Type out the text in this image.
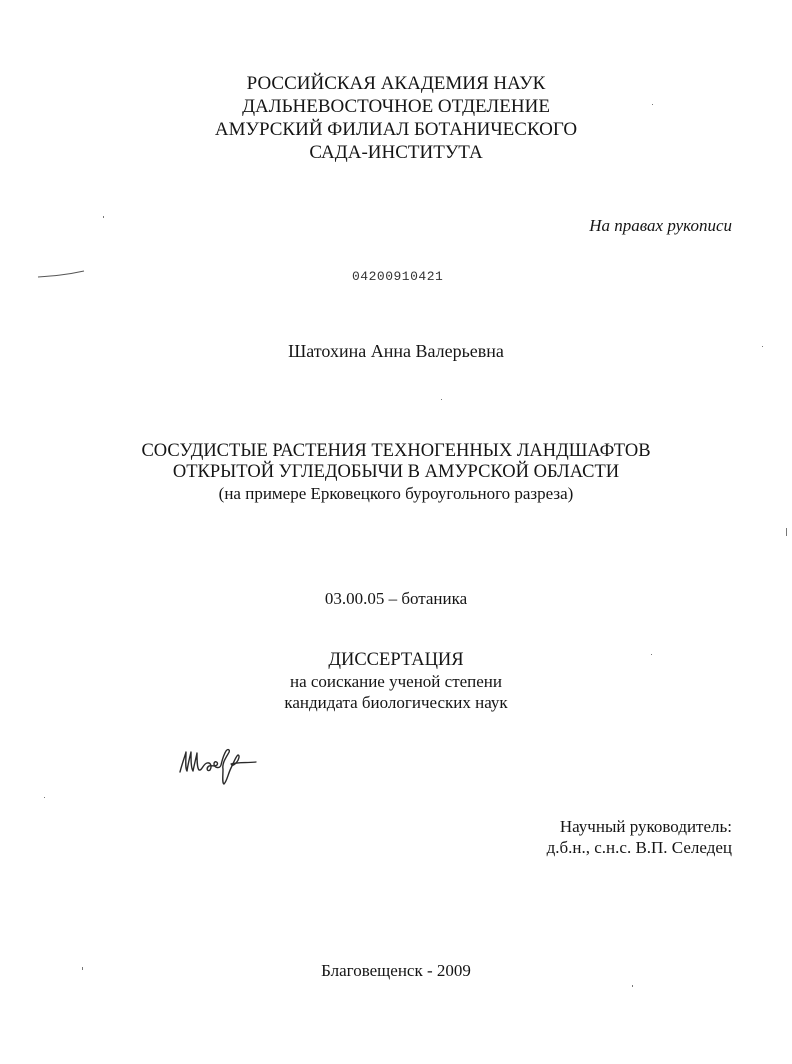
РОССИЙСКАЯ АКАДЕМИЯ НАУК
ДАЛЬНЕВОСТОЧНОЕ ОТДЕЛЕНИЕ
АМУРСКИЙ ФИЛИАЛ БОТАНИЧЕСКОГО
САДА-ИНСТИТУТА
На правах рукописи
04200910421
Шатохина Анна Валерьевна
СОСУДИСТЫЕ РАСТЕНИЯ ТЕХНОГЕННЫХ ЛАНДШАФТОВ
ОТКРЫТОЙ УГЛЕДОБЫЧИ В АМУРСКОЙ ОБЛАСТИ
(на примере Ерковецкого буроугольного разреза)
03.00.05 – ботаника
ДИССЕРТАЦИЯ
на соискание ученой степени
кандидата биологических наук
Научный руководитель:
д.б.н., с.н.с. В.П. Селедец
Благовещенск - 2009
